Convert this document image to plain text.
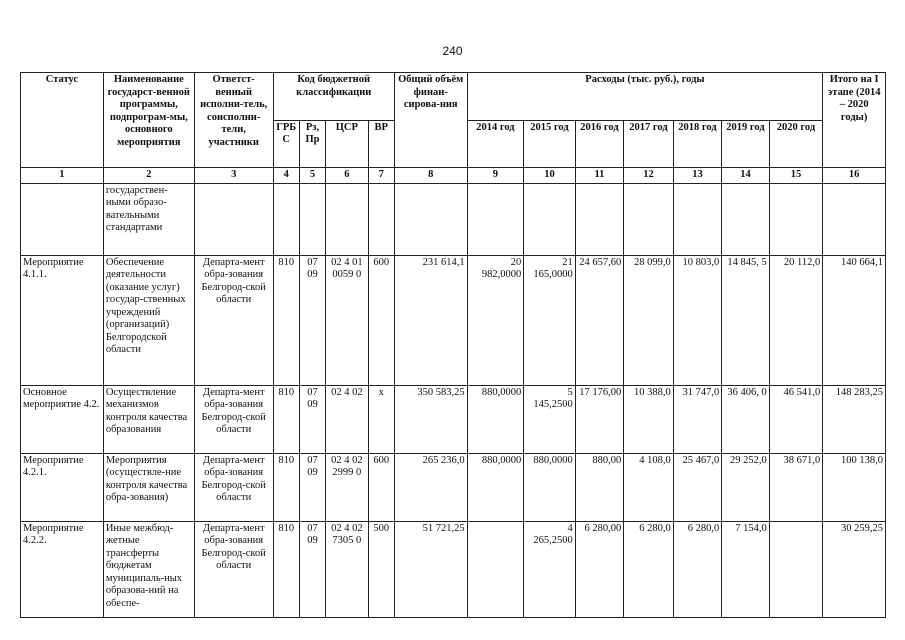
240
Статус	Наименование государст-венной программы, подпрограм-мы, основного мероприятия	Ответст-венный исполни-тель, соисполни-тели, участники	Код бюджетной классификации				Общий объём финан-сирова-ния	Расходы (тыс. руб.), годы							Итого на I этапе (2014 – 2020 годы)
			ГРБ С	Рз, Пр	ЦСР	ВР		2014 год	2015 год	2016 год	2017 год	2018 год	2019 год	2020 год	
1	2	3	4	5	6	7	8	9	10	11	12	13	14	15	16
	государствен-ными образо-вательными стандартами														
Мероприятие 4.1.1.	Обеспечение деятельности (оказание услуг) государ-ственных учреждений (организаций) Белгородской области	Департа-мент обра-зования Белгород-ской области	810	07 09	02 4 01 0059 0	600	231 614,1	20 982,0000	21 165,0000	24 657,60	28 099,0	10 803,0	14 845, 5	20 112,0	140 664,1
Основное мероприятие 4.2.	Осуществление механизмов контроля качества образования	Департа-мент обра-зования Белгород-ской области	810	07 09	02 4 02	х	350 583,25	880,0000	5 145,2500	17 176,00	10 388,0	31 747,0	36 406, 0	46 541,0	148 283,25
Мероприятие 4.2.1.	Мероприятия (осуществле-ние контроля качества обра-зования)	Департа-мент обра-зования Белгород-ской области	810	07 09	02 4 02 2999 0	600	265 236,0	880,0000	880,0000	880,00	4 108,0	25 467,0	29 252,0	38 671,0	100 138,0
Мероприятие 4.2.2.	Иные межбюд-жетные трансферты бюджетам муниципаль-ных образова-ний на обеспе-	Департа-мент обра-зования Белгород-ской области	810	07 09	02 4 02 7305 0	500	51 721,25		4 265,2500	6 280,00	6 280,0	6 280,0	7 154,0		30 259,25
